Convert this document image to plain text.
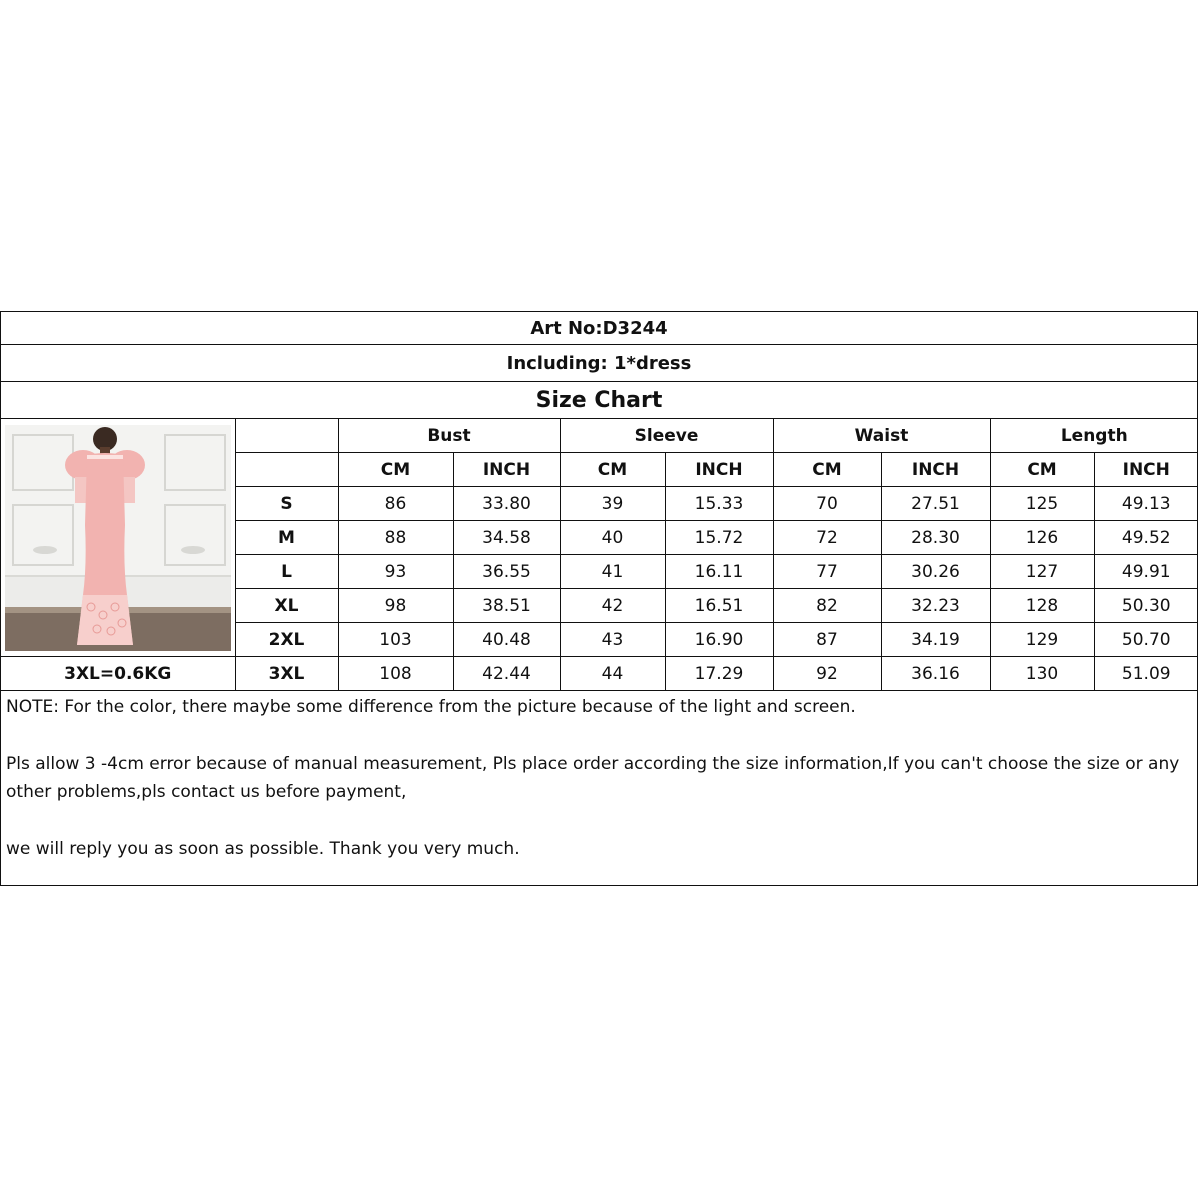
Art No:D3244
Including: 1*dress
Size Chart
		Bust		Sleeve		Waist		Length	
		CM	INCH	CM	INCH	CM	INCH	CM	INCH
	S	86	33.80	39	15.33	70	27.51	125	49.13
	M	88	34.58	40	15.72	72	28.30	126	49.52
	L	93	36.55	41	16.11	77	30.26	127	49.91
	XL	98	38.51	42	16.51	82	32.23	128	50.30
	2XL	103	40.48	43	16.90	87	34.19	129	50.70
3XL=0.6KG	3XL	108	42.44	44	17.29	92	36.16	130	51.09

NOTE: For the color, there maybe some difference from the picture because of the light and screen.

Pls allow 3 -4cm error because of manual measurement, Pls place order according the size information,If you can't choose the size or any other problems,pls contact us before payment,

we will reply you as soon as possible. Thank you very much.
